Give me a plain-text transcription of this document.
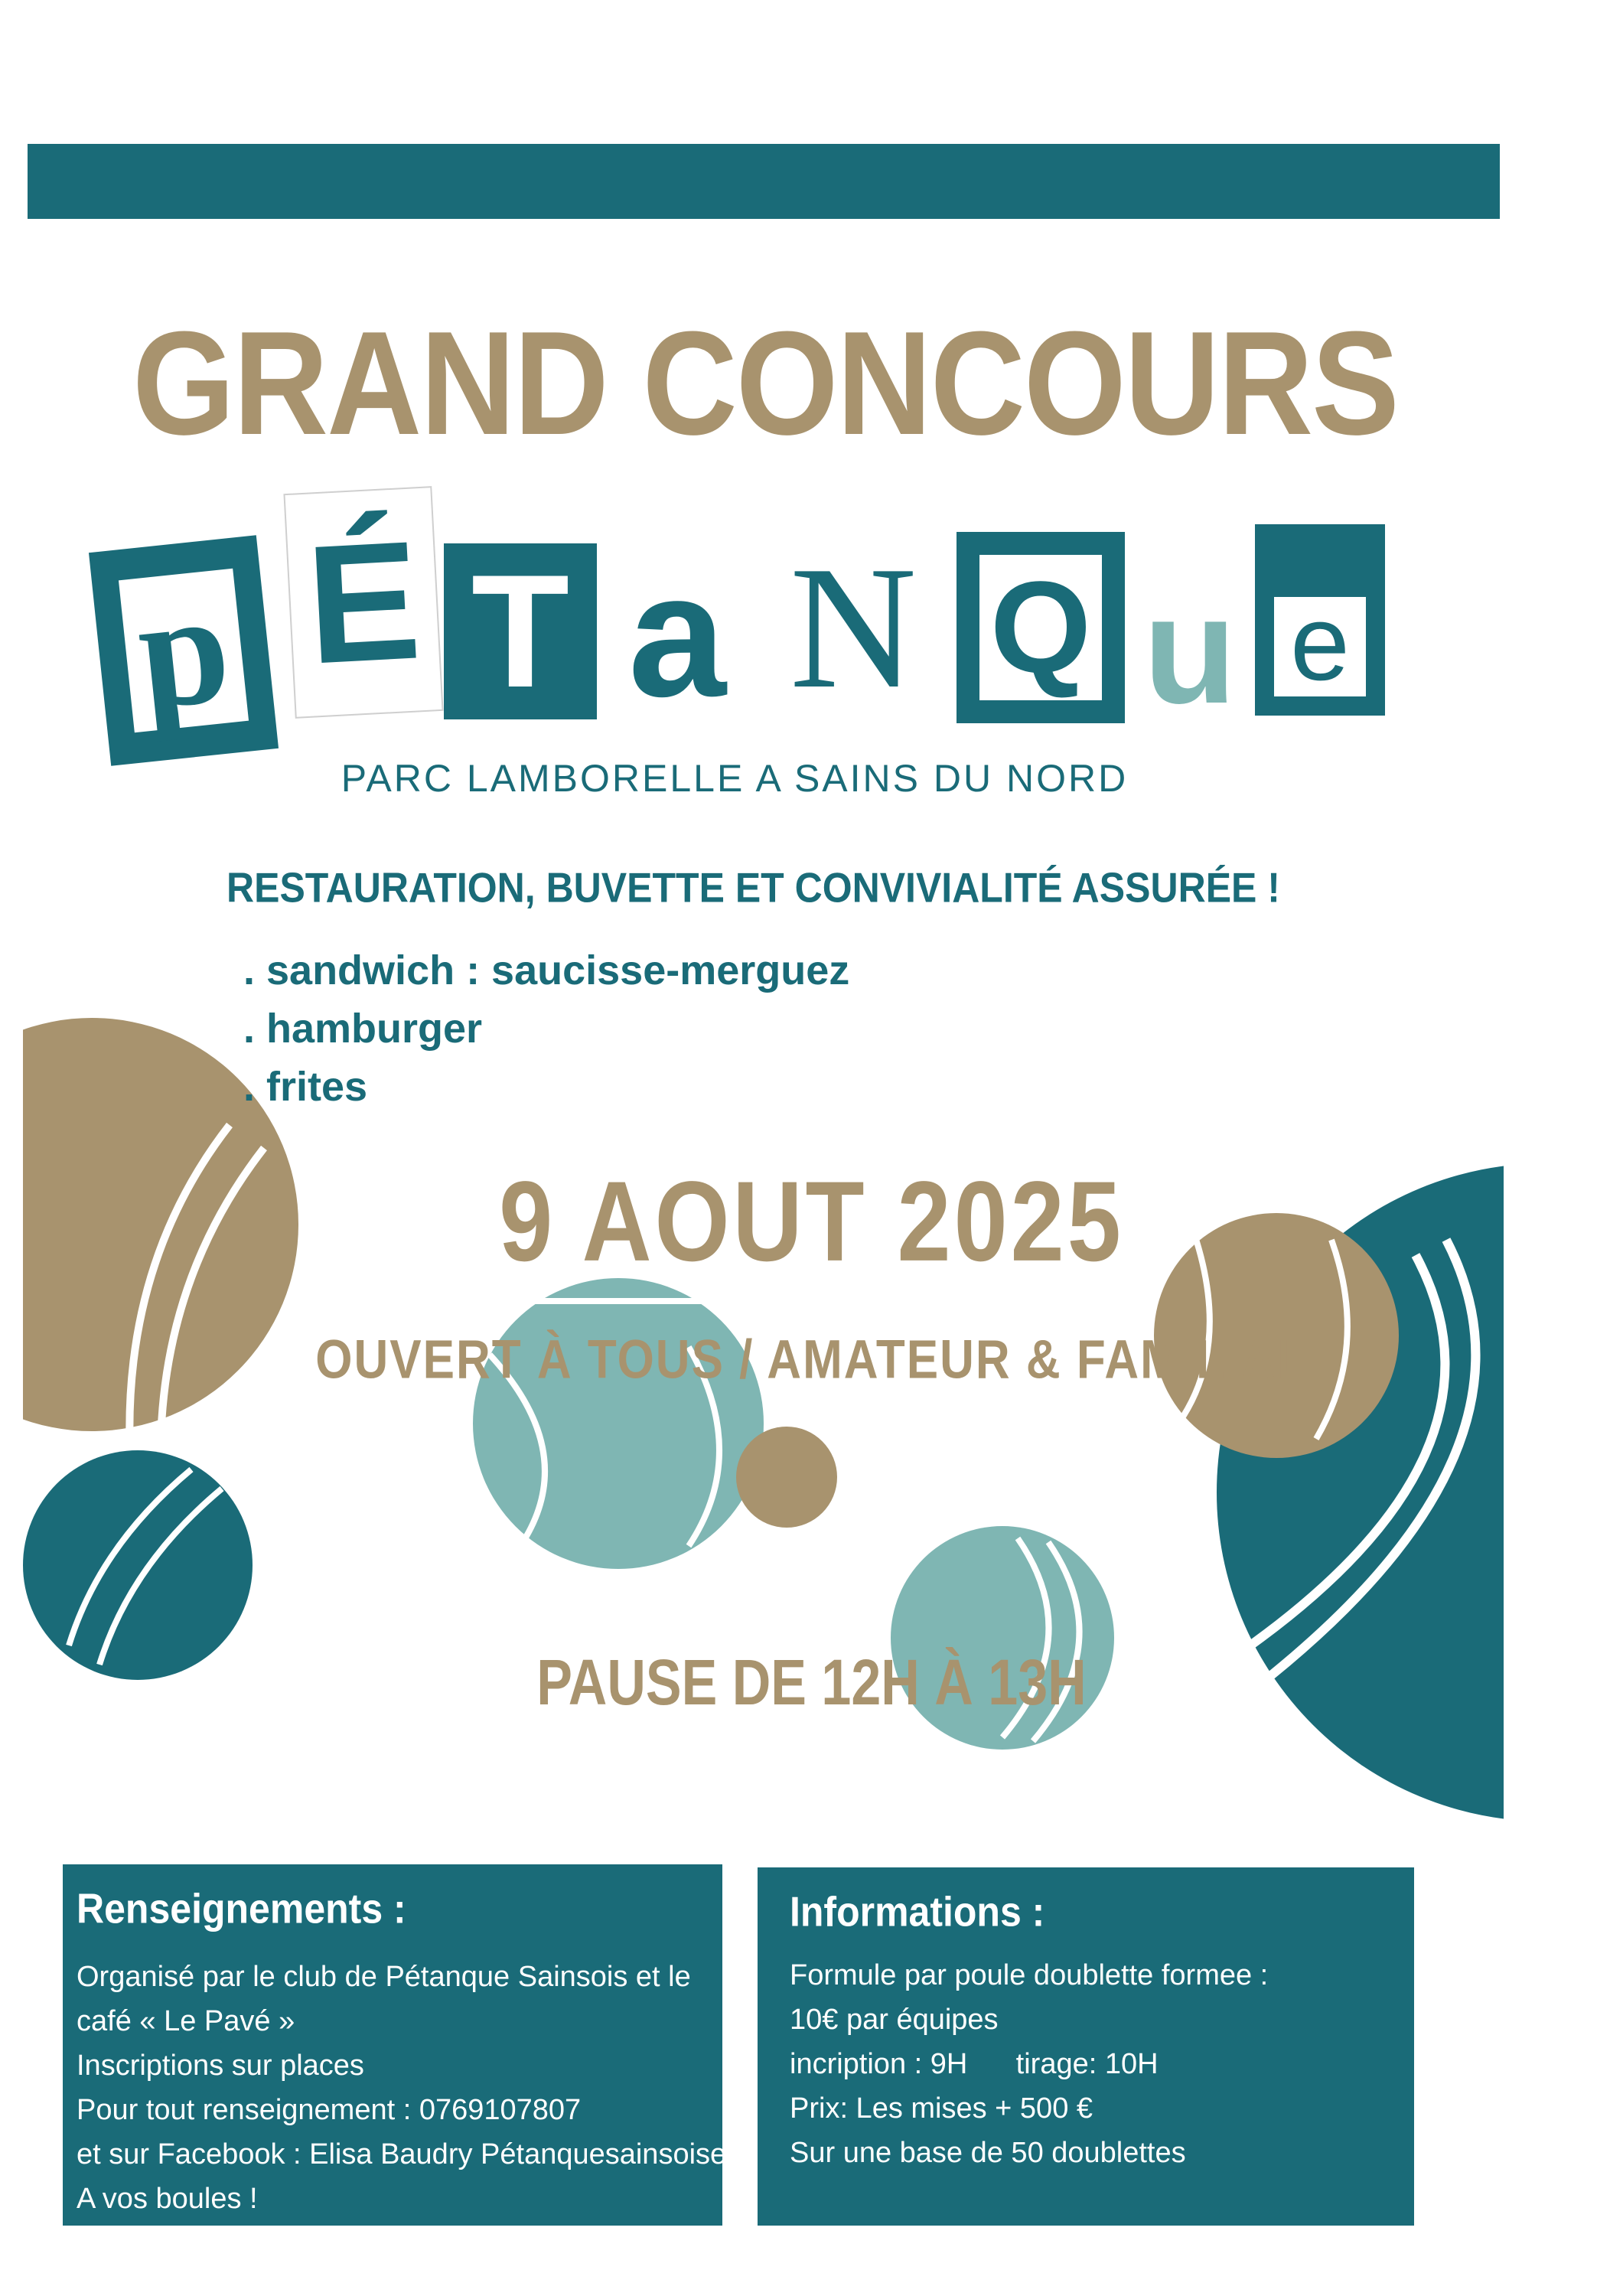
GRAND CONCOURS
p É T a N Q u e
PARC LAMBORELLE A SAINS DU NORD
RESTAURATION, BUVETTE ET CONVIVIALITÉ ASSURÉE !
. sandwich : saucisse-merguez
. hamburger
. frites
9 AOUT 2025
OUVERT À TOUS / AMATEUR & FAMILIAL
PAUSE DE 12H À 13H
Renseignements :
Organisé par le club de Pétanque Sainsois et le
café « Le Pavé »
Inscriptions sur places
Pour tout renseignement : 0769107807
et sur Facebook : Elisa Baudry Pétanquesainsoise
A vos boules !
Informations :
Formule par poule doublette formee :
10€ par équipes
incription : 9H      tirage: 10H
Prix: Les mises + 500 €
Sur une base de 50 doublettes
